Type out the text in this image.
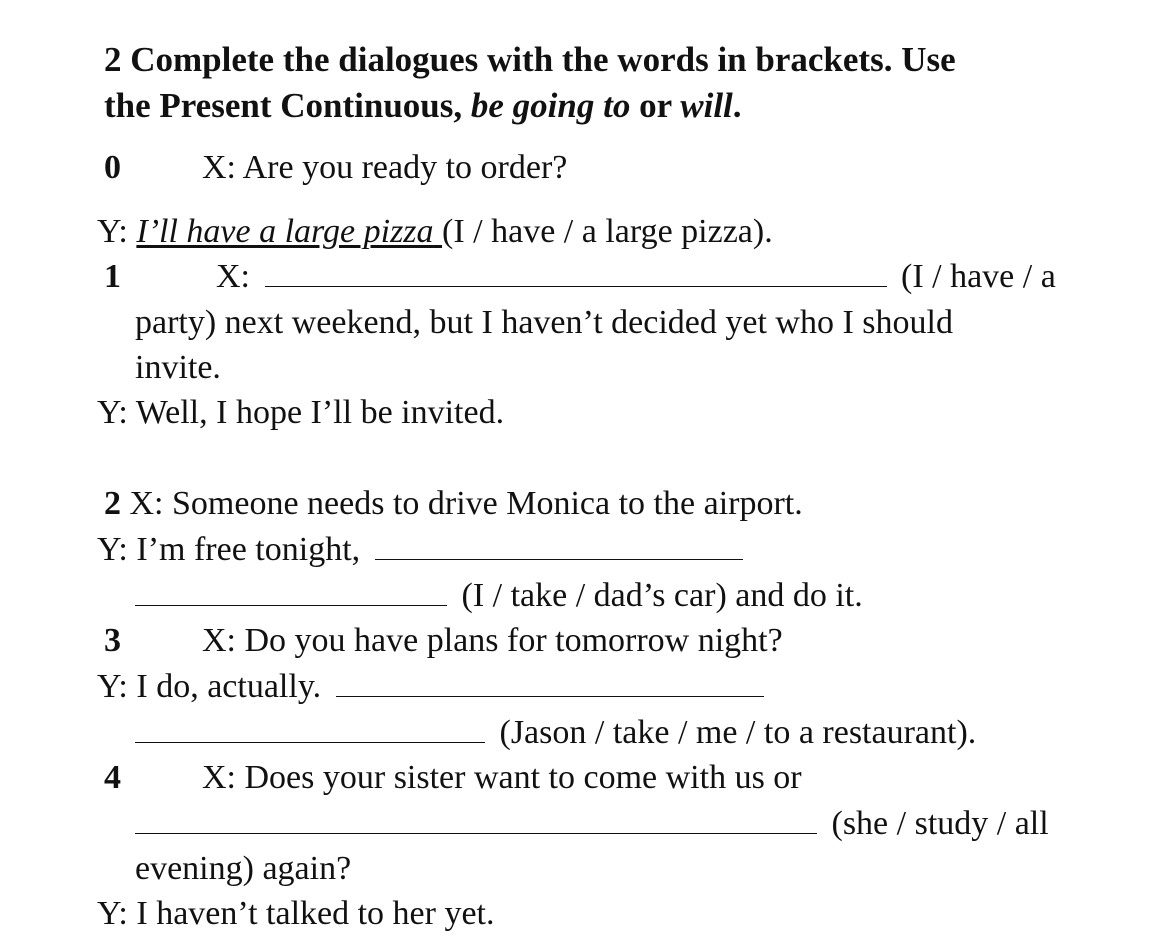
2 Complete the dialogues with the words in brackets. Use
the Present Continuous, be going to or will.
0 X: Are you ready to order?
Y: I’ll have a large pizza (I / have / a large pizza).
1	X:	(I / have / a
party) next weekend, but I haven’t decided yet who I should
invite.
Y: Well, I hope I’ll be invited.
2 X: Someone needs to drive Monica to the airport.
Y: I’m free tonight,
(I / take / dad’s car) and do it.
3 X: Do you have plans for tomorrow night?
Y: I do, actually.
(Jason / take / me / to a restaurant).
4 X: Does your sister want to come with us or
(she / study / all
evening) again?
Y: I haven’t talked to her yet.
